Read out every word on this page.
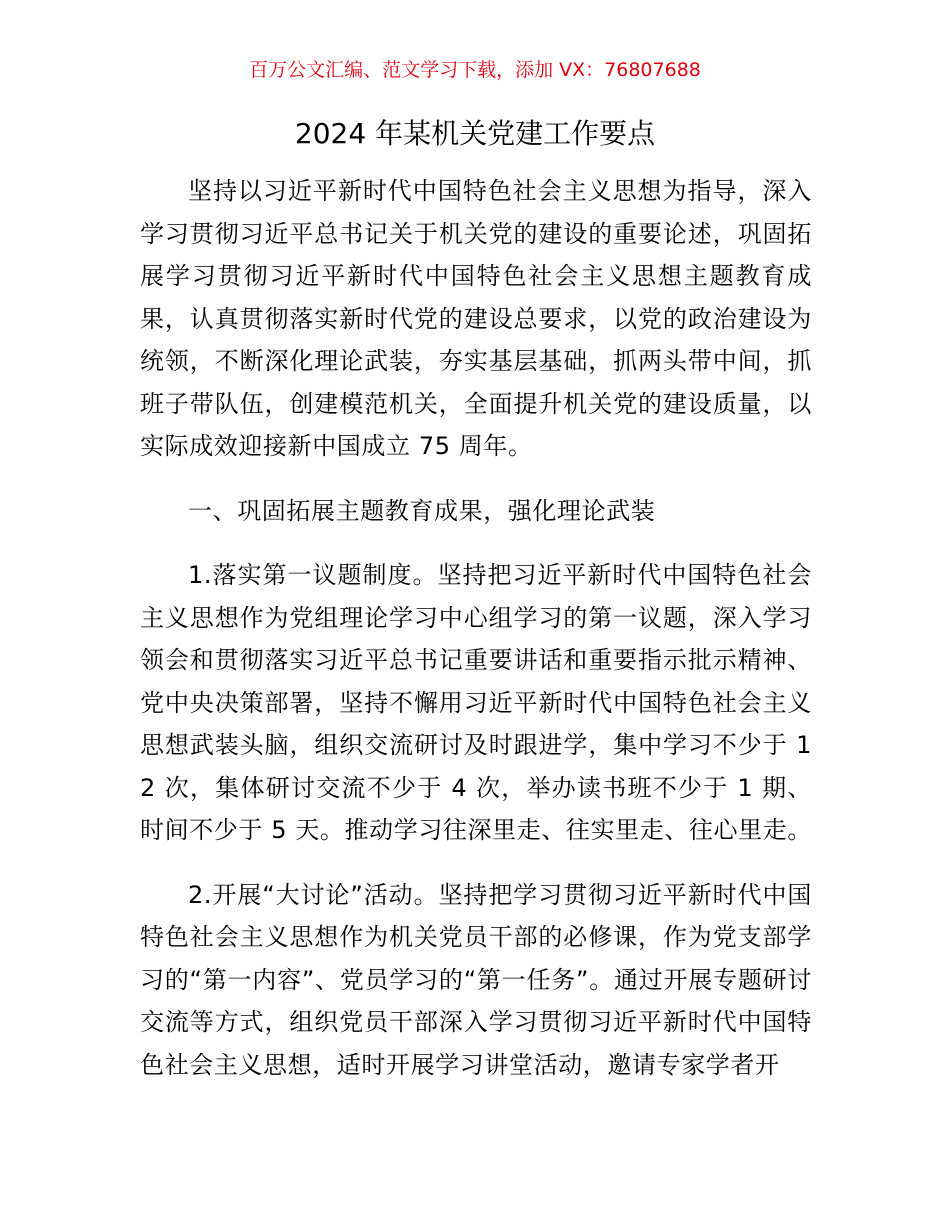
百万公文汇编、范文学习下载，添加 VX：76807688
2024 年某机关党建工作要点

坚持以习近平新时代中国特色社会主义思想为指导，深入学习贯彻习近平总书记关于机关党的建设的重要论述，巩固拓展学习贯彻习近平新时代中国特色社会主义思想主题教育成果，认真贯彻落实新时代党的建设总要求，以党的政治建设为统领，不断深化理论武装，夯实基层基础，抓两头带中间，抓班子带队伍，创建模范机关，全面提升机关党的建设质量，以实际成效迎接新中国成立 75 周年。

一、巩固拓展主题教育成果，强化理论武装

1.落实第一议题制度。坚持把习近平新时代中国特色社会主义思想作为党组理论学习中心组学习的第一议题，深入学习领会和贯彻落实习近平总书记重要讲话和重要指示批示精神、党中央决策部署，坚持不懈用习近平新时代中国特色社会主义思想武装头脑，组织交流研讨及时跟进学，集中学习不少于 12 次，集体研讨交流不少于 4 次，举办读书班不少于 1 期、时间不少于 5 天。推动学习往深里走、往实里走、往心里走。

2.开展“大讨论”活动。坚持把学习贯彻习近平新时代中国特色社会主义思想作为机关党员干部的必修课，作为党支部学习的“第一内容”、党员学习的“第一任务”。通过开展专题研讨交流等方式，组织党员干部深入学习贯彻习近平新时代中国特色社会主义思想，适时开展学习讲堂活动，邀请专家学者开
